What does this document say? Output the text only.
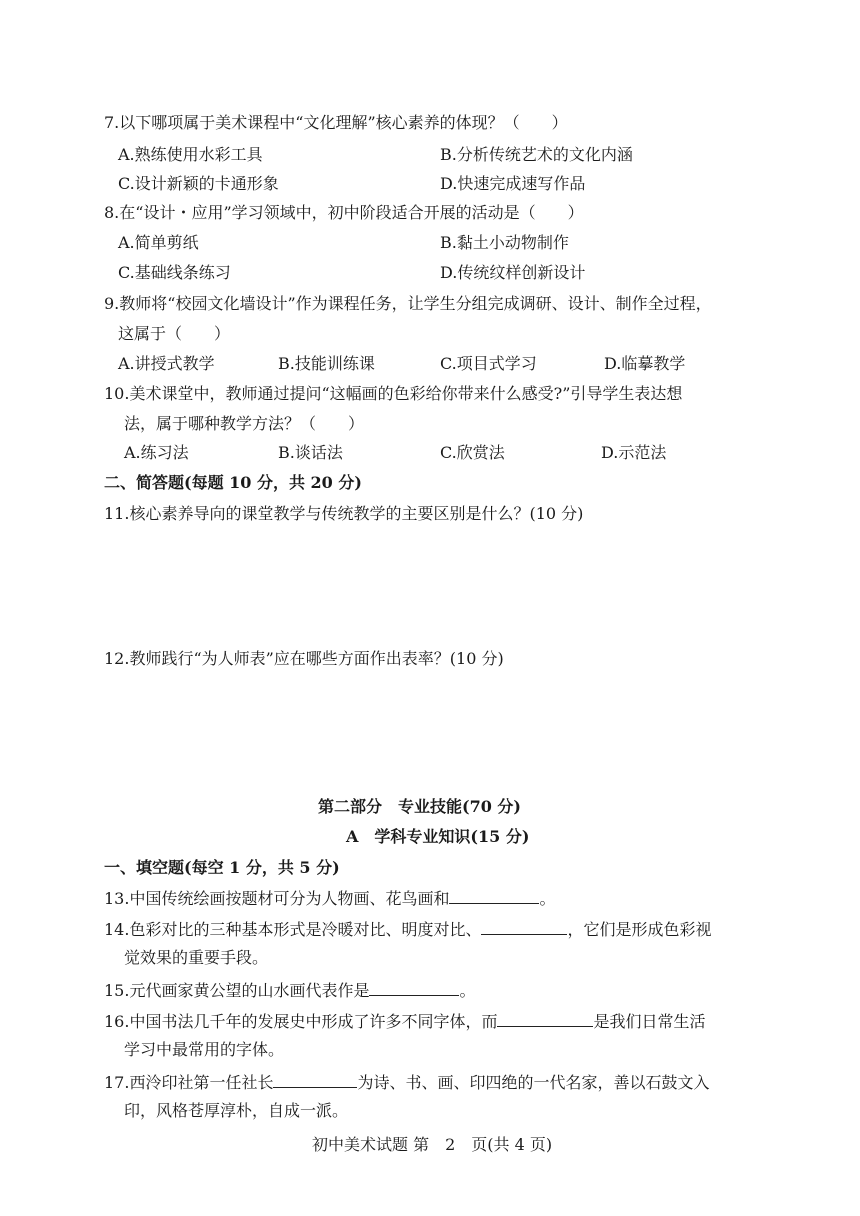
7.以下哪项属于美术课程中“文化理解”核心素养的体现？（　　）
A.熟练使用水彩工具	B.分析传统艺术的文化内涵
C.设计新颖的卡通形象	D.快速完成速写作品
8.在“设计・应用”学习领域中，初中阶段适合开展的活动是（　　）
A.简单剪纸	B.黏土小动物制作
C.基础线条练习	D.传统纹样创新设计
9.教师将“校园文化墙设计”作为课程任务，让学生分组完成调研、设计、制作全过程，
这属于（　　）
A.讲授式教学	B.技能训练课	C.项目式学习	D.临摹教学
10.美术课堂中，教师通过提问“这幅画的色彩给你带来什么感受?”引导学生表达想
法，属于哪种教学方法？（　　）
A.练习法	B.谈话法	C.欣赏法	D.示范法
二、简答题(每题 10 分，共 20 分)
11.核心素养导向的课堂教学与传统教学的主要区别是什么？(10 分)
12.教师践行“为人师表”应在哪些方面作出表率？(10 分)
第二部分　专业技能(70 分)
A　学科专业知识(15 分)
一、填空题(每空 1 分，共 5 分)
13.中国传统绘画按题材可分为人物画、花鸟画和	。
14.色彩对比的三种基本形式是冷暖对比、明度对比、	，它们是形成色彩视
觉效果的重要手段。
15.元代画家黄公望的山水画代表作是	。
16.中国书法几千年的发展史中形成了许多不同字体，而	是我们日常生活
学习中最常用的字体。
17.西泠印社第一任社长	为诗、书、画、印四绝的一代名家，善以石鼓文入
印，风格苍厚淳朴，自成一派。
初中美术试题 第　2　页(共 4 页)
